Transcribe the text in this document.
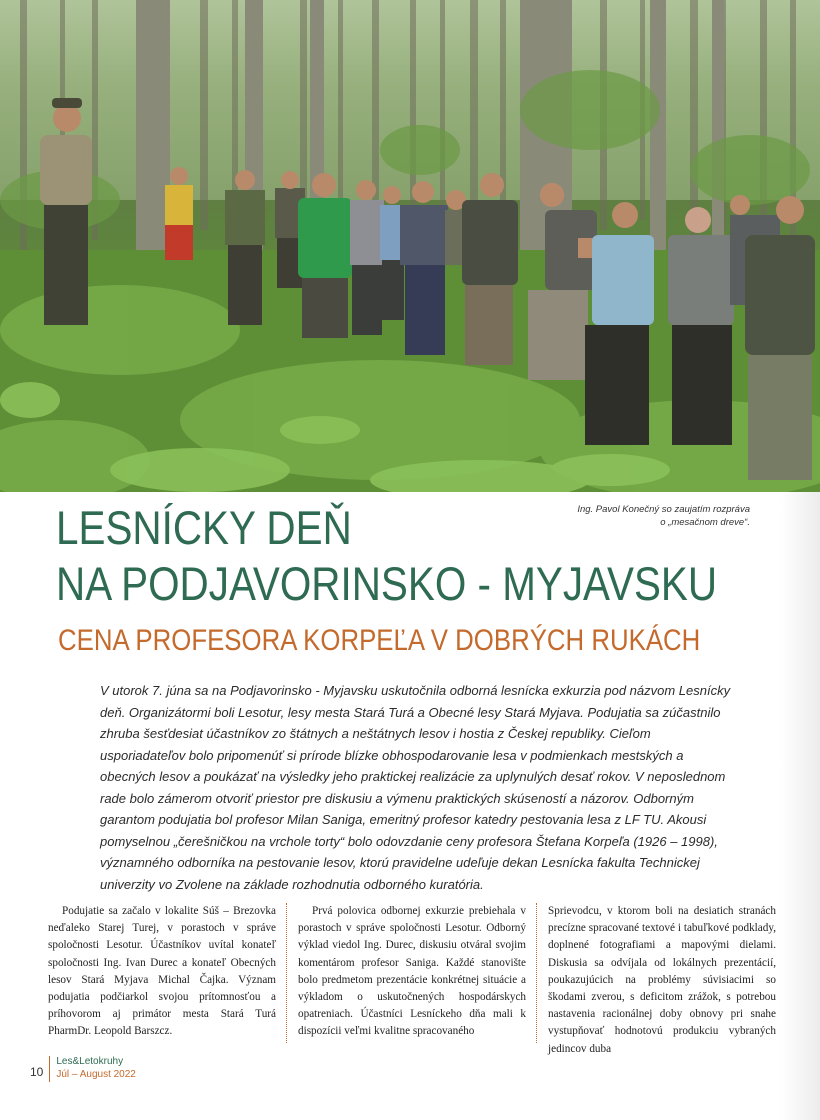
Ing. Pavol Konečný so zaujatím rozpráva
o „mesačnom dreve“.
LESNÍCKY DEŇ
NA PODJAVORINSKO - MYJAVSKU
CENA PROFESORA KORPEĽA V DOBRÝCH RUKÁCH

V utorok 7. júna sa na Podjavorinsko - Myjavsku uskutočnila odborná lesnícka exkurzia pod názvom Lesnícky deň. Organizátormi boli Lesotur, lesy mesta Stará Turá a Obecné lesy Stará Myjava. Podujatia sa zúčastnilo zhruba šesťdesiat účastníkov zo štátnych a neštátnych lesov i hostia z Českej republiky. Cieľom usporiadateľov bolo pripomenúť si prírode blízke obhospodarovanie lesa v podmienkach mestských a obecných lesov a poukázať na výsledky jeho praktickej realizácie za uplynulých desať rokov. V neposlednom rade bolo zámerom otvoriť priestor pre diskusiu a výmenu praktických skúseností a názorov. Odborným garantom podujatia bol profesor Milan Saniga, emeritný profesor katedry pestovania lesa z LF TU. Akousi pomyselnou „čerešničkou na vrchole torty“ bolo odovzdanie ceny profesora Štefana Korpeľa (1926 – 1998), významného odborníka na pestovanie lesov, ktorú pravidelne udeľuje dekan Lesnícka fakulta Technickej univerzity vo Zvolene na základe rozhodnutia odborného kuratória.

Podujatie sa začalo v lokalite Súš – Brezovka neďaleko Starej Turej, v porastoch v správe spoločnosti Lesotur. Účastníkov uvítal konateľ spoločnosti Ing. Ivan Durec a konateľ Obecných lesov Stará Myjava Michal Čajka. Význam podujatia podčiarkol svojou prítomnosťou a príhovorom aj primátor mesta Stará Turá PharmDr. Leopold Barszcz.
Prvá polovica odbornej exkurzie prebiehala v porastoch v správe spoločnosti Lesotur. Odborný výklad viedol Ing. Durec, diskusiu otváral svojim komentárom profesor Saniga. Každé stanovište bolo predmetom prezentácie konkrétnej situácie a výkladom o uskutočnených hospodárskych opatreniach. Účastníci Lesníckeho dňa mali k dispozícii veľmi kvalitne spracovaného
Sprievodcu, v ktorom boli na desiatich stranách precízne spracované textové i tabuľkové podklady, doplnené fotografiami a mapovými dielami. Diskusia sa odvíjala od lokálnych prezentácií, poukazujúcich na problémy súvisiacimi so škodami zverou, s deficitom zrážok, s potrebou nastavenia racionálnej doby obnovy pri snahe vystupňovať hodnotovú produkciu vybraných jedincov duba
10
Les&Letokruhy
Júl – August 2022
